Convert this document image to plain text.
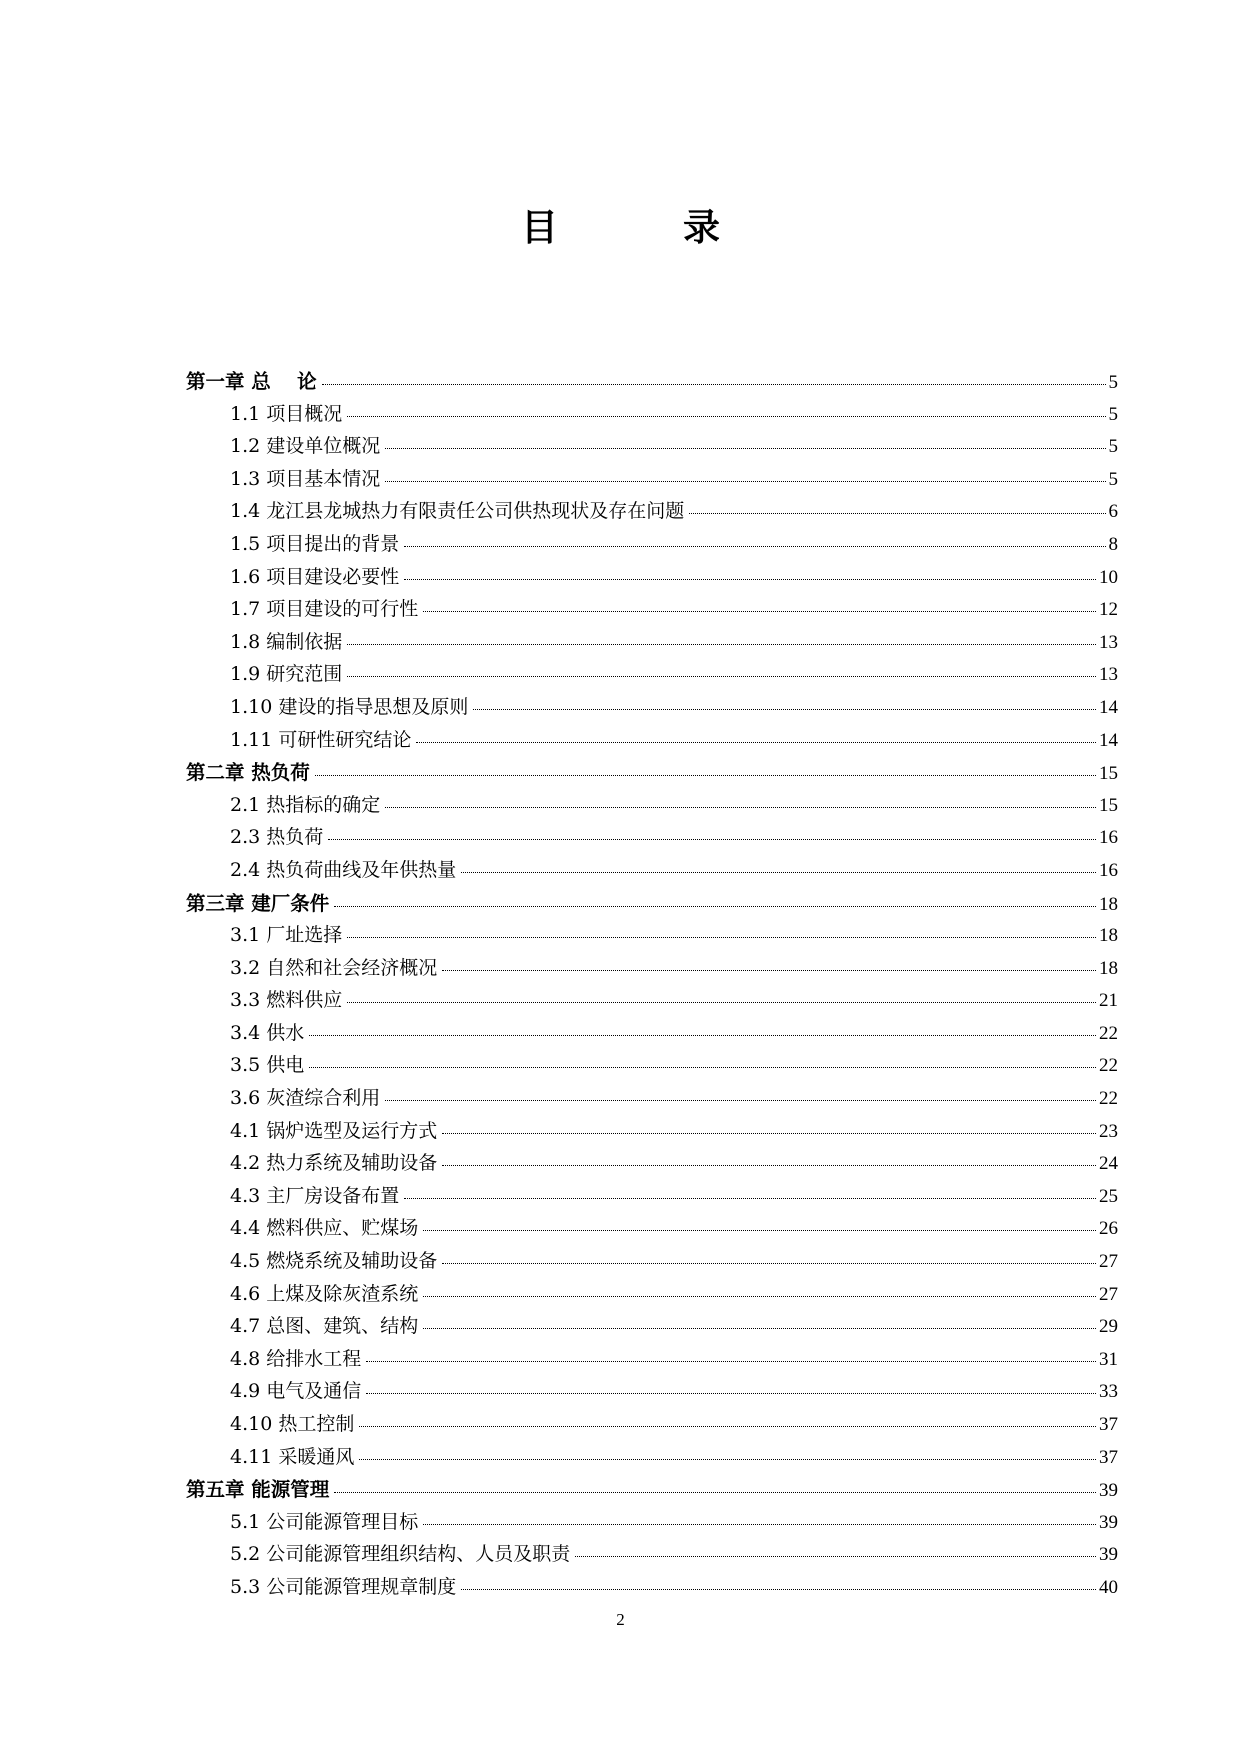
目　录
第一章 总　 论	5
1.1 项目概况	5
1.2 建设单位概况	5
1.3 项目基本情况	5
1.4 龙江县龙城热力有限责任公司供热现状及存在问题	6
1.5 项目提出的背景	8
1.6 项目建设必要性	10
1.7 项目建设的可行性	12
1.8 编制依据	13
1.9 研究范围	13
1.10 建设的指导思想及原则	14
1.11 可研性研究结论	14
第二章 热负荷	15
2.1 热指标的确定	15
2.3 热负荷	16
2.4 热负荷曲线及年供热量	16
第三章 建厂条件	18
3.1 厂址选择	18
3.2 自然和社会经济概况	18
3.3 燃料供应	21
3.4 供水	22
3.5 供电	22
3.6 灰渣综合利用	22
4.1 锅炉选型及运行方式	23
4.2 热力系统及辅助设备	24
4.3 主厂房设备布置	25
4.4 燃料供应、贮煤场	26
4.5 燃烧系统及辅助设备	27
4.6 上煤及除灰渣系统	27
4.7 总图、建筑、结构	29
4.8 给排水工程	31
4.9 电气及通信	33
4.10 热工控制	37
4.11 采暖通风	37
第五章 能源管理	39
5.1 公司能源管理目标	39
5.2 公司能源管理组织结构、人员及职责	39
5.3 公司能源管理规章制度	40
2
